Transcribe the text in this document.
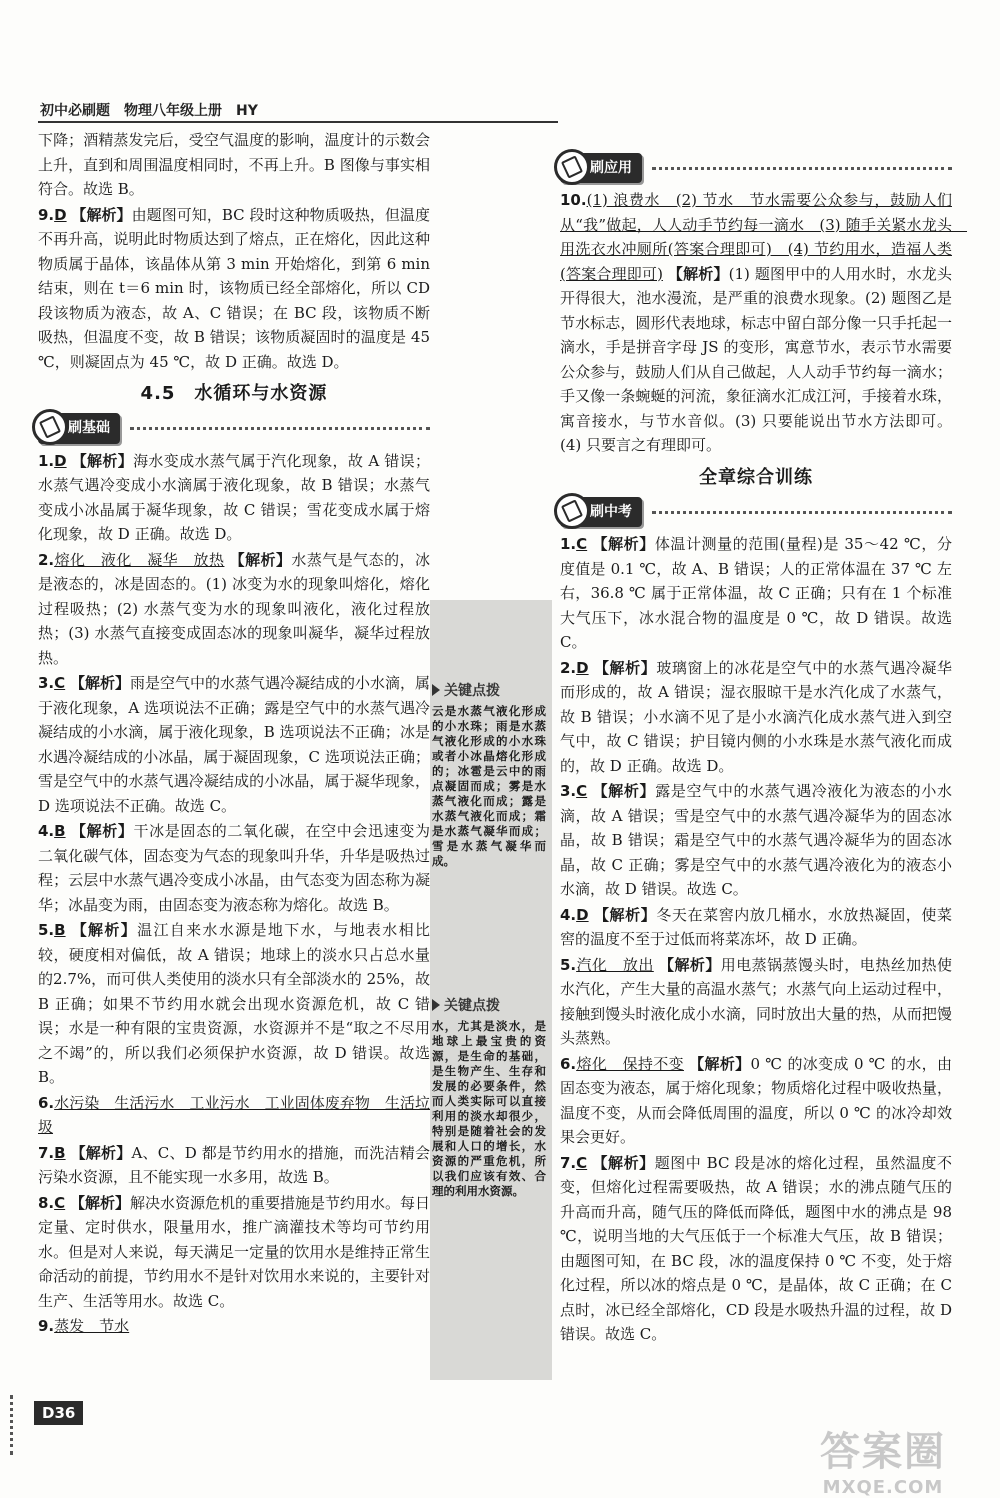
初中必刷题　物理八年级上册　HY

下降；酒精蒸发完后，受空气温度的影响，温度计的示数会上升，直到和周围温度相同时，不再上升。B 图像与事实相符合。故选 B。

9.D 【解析】由题图可知，BC 段时这种物质吸热，但温度不再升高，说明此时物质达到了熔点，正在熔化，因此这种物质属于晶体，该晶体从第 3 min 开始熔化，到第 6 min 结束，则在 t＝6 min 时，该物质已经全部熔化，所以 CD 段该物质为液态，故 A、C 错误；在 BC 段，该物质不断吸热，但温度不变，故 B 错误；该物质凝固时的温度是 45 ℃，则凝固点为 45 ℃，故 D 正确。故选 D。

4.5　水循环与水资源
刷基础

1.D 【解析】海水变成水蒸气属于汽化现象，故 A 错误；水蒸气遇冷变成小水滴属于液化现象，故 B 错误；水蒸气变成小冰晶属于凝华现象，故 C 错误；雪花变成水属于熔化现象，故 D 正确。故选 D。

2.熔化　液化　凝华　放热 【解析】水蒸气是气态的，冰是液态的，冰是固态的。(1) 冰变为水的现象叫熔化，熔化过程吸热；(2) 水蒸气变为水的现象叫液化，液化过程放热；(3) 水蒸气直接变成固态冰的现象叫凝华，凝华过程放热。

3.C 【解析】雨是空气中的水蒸气遇冷凝结成的小水滴，属于液化现象，A 选项说法不正确；露是空气中的水蒸气遇冷凝结成的小水滴，属于液化现象，B 选项说法不正确；冰是水遇冷凝结成的小冰晶，属于凝固现象，C 选项说法正确；雪是空气中的水蒸气遇冷凝结成的小冰晶，属于凝华现象，D 选项说法不正确。故选 C。

4.B 【解析】干冰是固态的二氧化碳，在空中会迅速变为二氧化碳气体，固态变为气态的现象叫升华，升华是吸热过程；云层中水蒸气遇冷变成小冰晶，由气态变为固态称为凝华；冰晶变为雨，由固态变为液态称为熔化。故选 B。

5.B 【解析】温江自来水水源是地下水，与地表水相比较，硬度相对偏低，故 A 错误；地球上的淡水只占总水量的2.7%，而可供人类使用的淡水只有全部淡水的 25%，故 B 正确；如果不节约用水就会出现水资源危机，故 C 错误；水是一种有限的宝贵资源，水资源并不是“取之不尽用之不竭”的，所以我们必须保护水资源，故 D 错误。故选 B。

6.水污染　生活污水　工业污水　工业固体废弃物　生活垃圾

7.B 【解析】A、C、D 都是节约用水的措施，而洗洁精会污染水资源，且不能实现一水多用，故选 B。

8.C 【解析】解决水资源危机的重要措施是节约用水。每日定量、定时供水，限量用水，推广滴灌技术等均可节约用水。但是对人来说，每天满足一定量的饮用水是维持正常生命活动的前提，节约用水不是针对饮用水来说的，主要针对生产、生活等用水。故选 C。

9.蒸发　节水

关键点拨
云是水蒸气液化形成的小水珠；雨是水蒸气液化形成的小水珠或者小冰晶熔化形成的；冰雹是云中的雨点凝固而成；雾是水蒸气液化而成；露是水蒸气液化而成；霜是水蒸气凝华而成；雪是水蒸气凝华而成。
关键点拨
水，尤其是淡水，是地球上最宝贵的资源，是生命的基础，是生物产生、生存和发展的必要条件，然而人类实际可以直接利用的淡水却很少，特别是随着社会的发展和人口的增长，水资源的严重危机，所以我们应该有效、合理的利用水资源。
刷应用

10.(1) 浪费水　(2) 节水　节水需要公众参与，鼓励人们从“我”做起，人人动手节约每一滴水　(3) 随手关紧水龙头　用洗衣水冲厕所(答案合理即可)　(4) 节约用水，造福人类(答案合理即可) 【解析】(1) 题图甲中的人用水时，水龙头开得很大，池水漫流，是严重的浪费水现象。(2) 题图乙是节水标志，圆形代表地球，标志中留白部分像一只手托起一滴水，手是拼音字母 JS 的变形，寓意节水，表示节水需要公众参与，鼓励人们从自己做起，人人动手节约每一滴水；手又像一条蜿蜒的河流，象征滴水汇成江河，手接着水珠，寓音接水，与节水音似。(3) 只要能说出节水方法即可。(4) 只要言之有理即可。

全章综合训练
刷中考

1.C 【解析】体温计测量的范围(量程)是 35～42 ℃，分度值是 0.1 ℃，故 A、B 错误；人的正常体温在 37 ℃ 左右，36.8 ℃ 属于正常体温，故 C 正确；只有在 1 个标准大气压下，冰水混合物的温度是 0 ℃，故 D 错误。故选 C。

2.D 【解析】玻璃窗上的冰花是空气中的水蒸气遇冷凝华而形成的，故 A 错误；湿衣服晾干是水汽化成了水蒸气，故 B 错误；小水滴不见了是小水滴汽化成水蒸气进入到空气中，故 C 错误；护目镜内侧的小水珠是水蒸气液化而成的，故 D 正确。故选 D。

3.C 【解析】露是空气中的水蒸气遇冷液化为液态的小水滴，故 A 错误；雪是空气中的水蒸气遇冷凝华为的固态冰晶，故 B 错误；霜是空气中的水蒸气遇冷凝华为的固态冰晶，故 C 正确；雾是空气中的水蒸气遇冷液化为的液态小水滴，故 D 错误。故选 C。

4.D 【解析】冬天在菜窖内放几桶水，水放热凝固，使菜窖的温度不至于过低而将菜冻坏，故 D 正确。

5.汽化　放出 【解析】用电蒸锅蒸馒头时，电热丝加热使水汽化，产生大量的高温水蒸气；水蒸气向上运动过程中，接触到馒头时液化成小水滴，同时放出大量的热，从而把馒头蒸熟。

6.熔化　保持不变 【解析】0 ℃ 的冰变成 0 ℃ 的水，由固态变为液态，属于熔化现象；物质熔化过程中吸收热量，温度不变，从而会降低周围的温度，所以 0 ℃ 的冰冷却效果会更好。

7.C 【解析】题图中 BC 段是冰的熔化过程，虽然温度不变，但熔化过程需要吸热，故 A 错误；水的沸点随气压的升高而升高，随气压的降低而降低，题图中水的沸点是 98 ℃，说明当地的大气压低于一个标准大气压，故 B 错误；由题图可知，在 BC 段，冰的温度保持 0 ℃ 不变，处于熔化过程，所以冰的熔点是 0 ℃，是晶体，故 C 正确；在 C 点时，冰已经全部熔化，CD 段是水吸热升温的过程，故 D 错误。故选 C。

D36
答案圈
MXQE.COM
